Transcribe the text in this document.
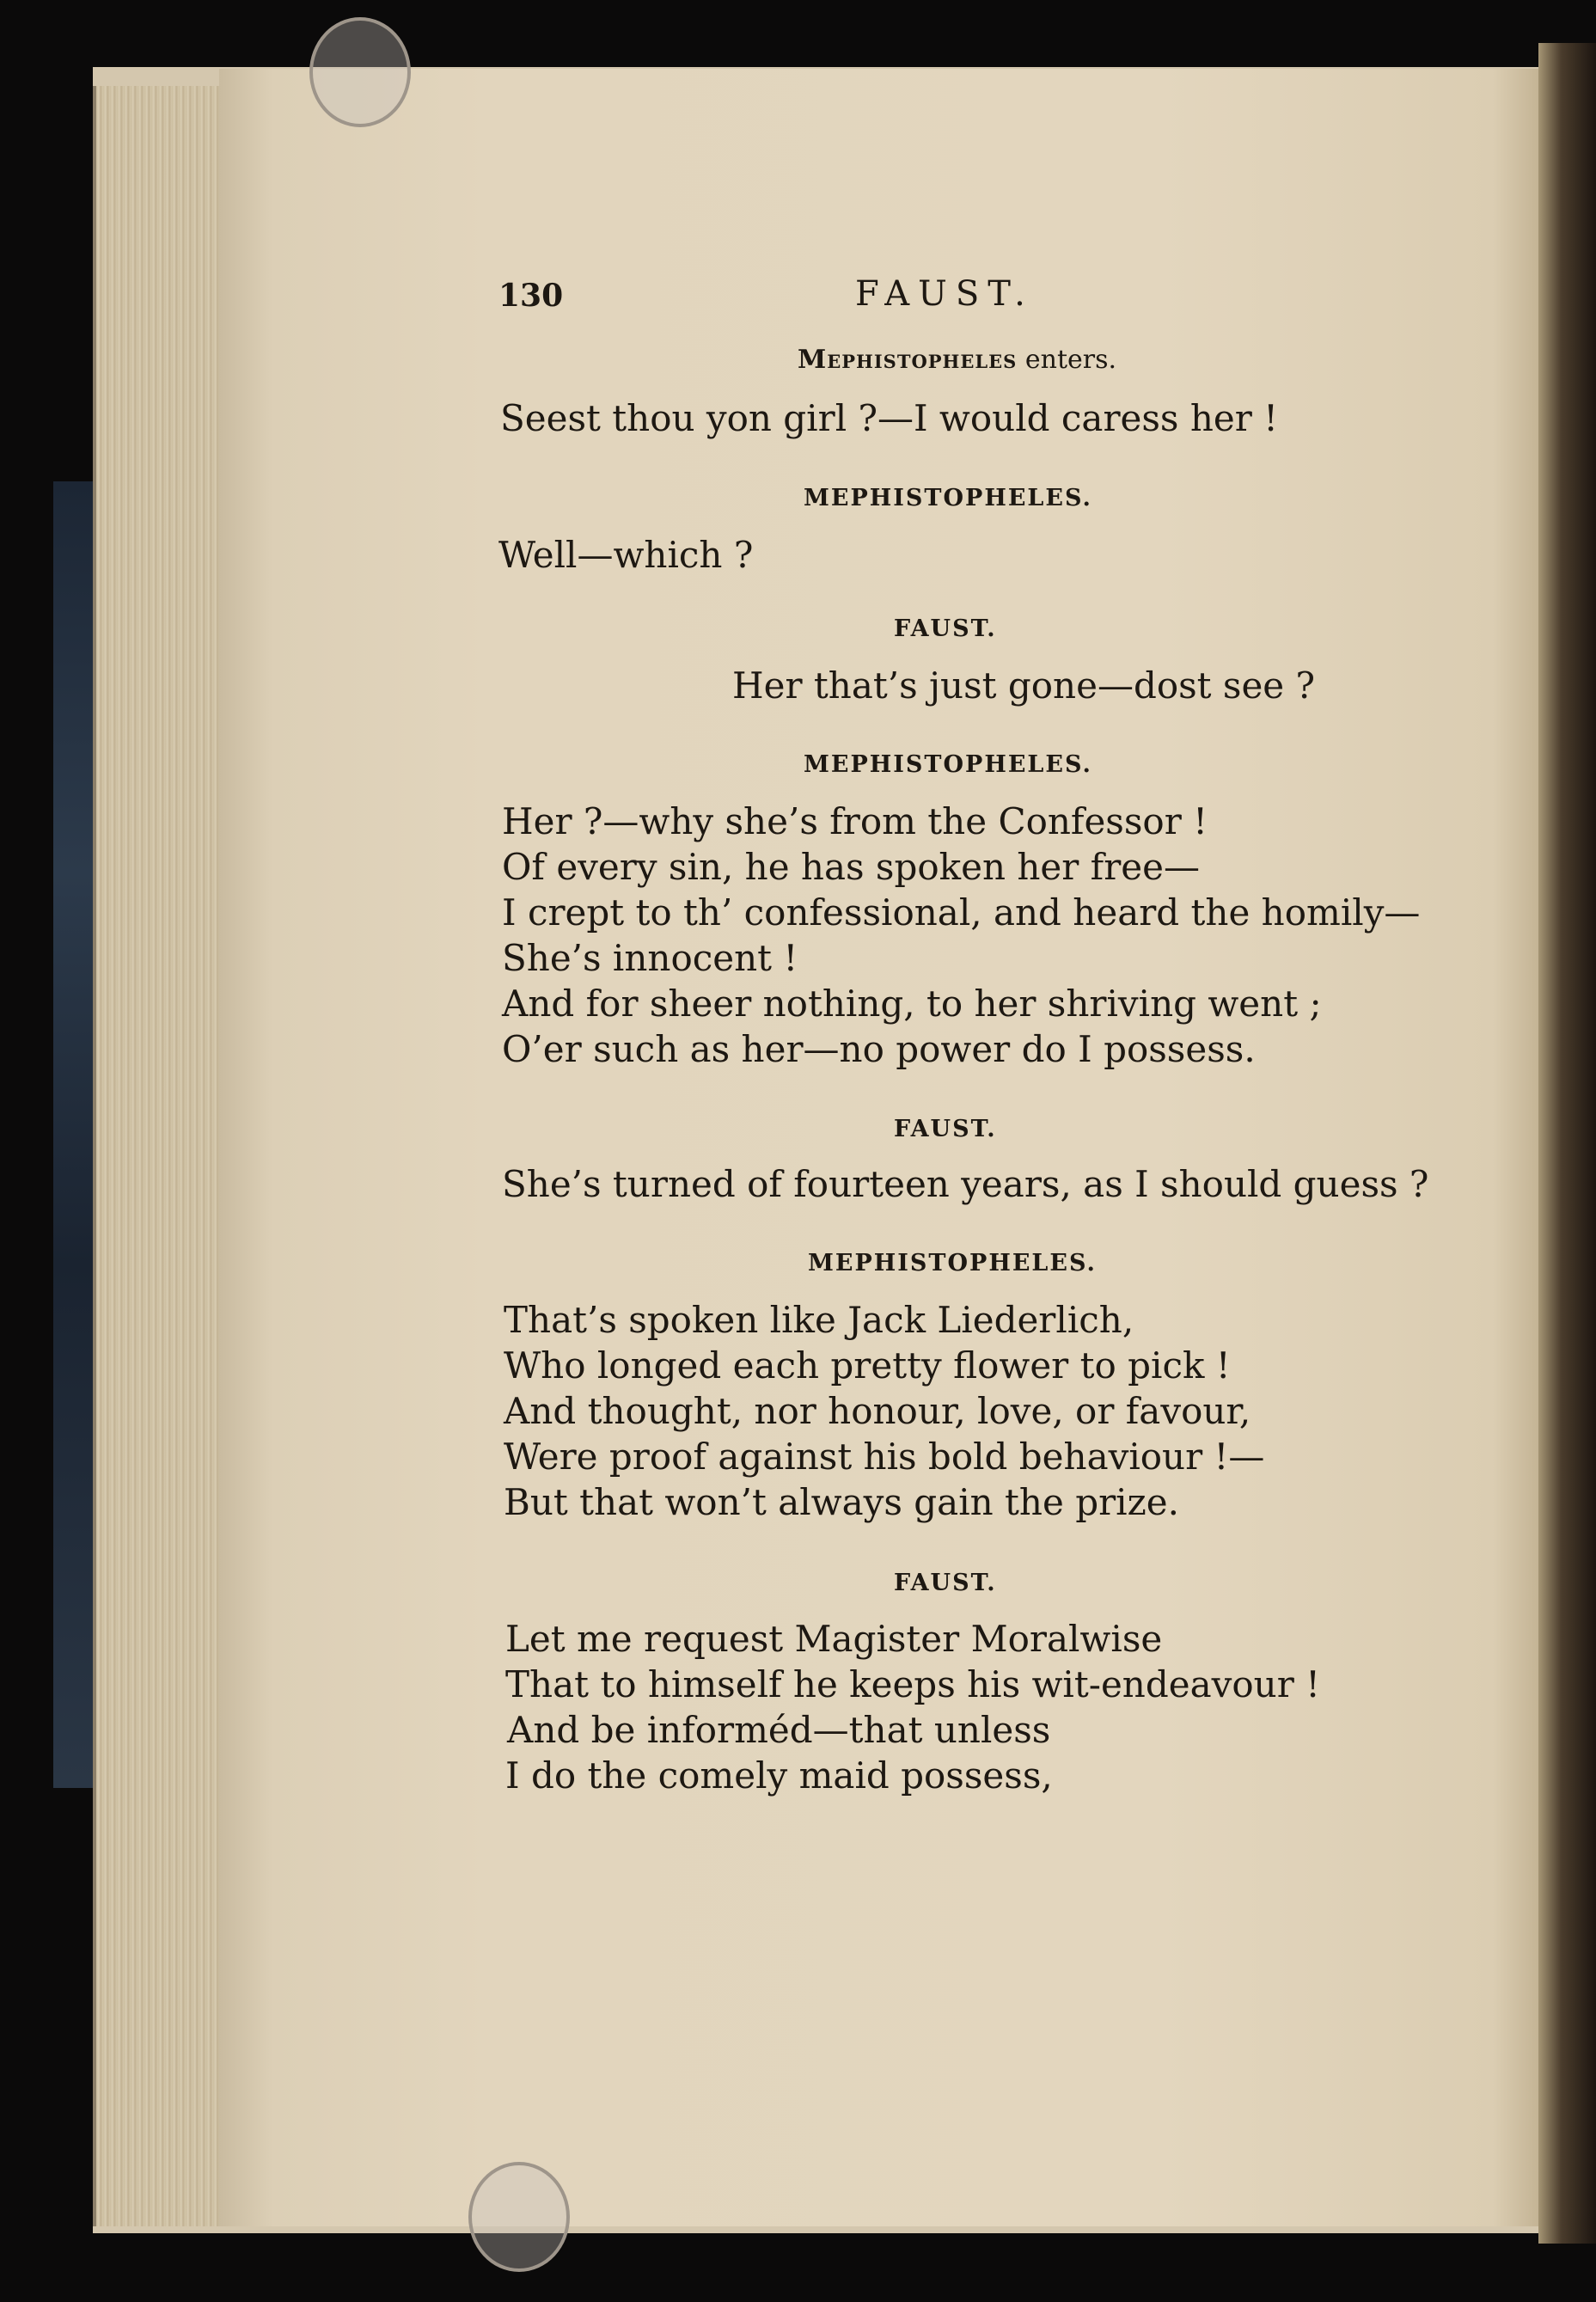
130	FAUST.
Mephistopheles enters.
Seest thou yon girl ?—I would caress her !
MEPHISTOPHELES.
Well—which ?
FAUST.
Her that’s just gone—dost see ?
MEPHISTOPHELES.
Her ?—why she’s from the Confessor !
Of every sin, he has spoken her free—
I crept to th’ confessional, and heard the homily—
She’s innocent !
And for sheer nothing, to her shriving went ;
O’er such as her—no power do I possess.
FAUST.
She’s turned of fourteen years, as I should guess ?
MEPHISTOPHELES.
That’s spoken like Jack Liederlich,
Who longed each pretty flower to pick !
And thought, nor honour, love, or favour,
Were proof against his bold behaviour !—
But that won’t always gain the prize.
FAUST.
Let me request Magister Moralwise
That to himself he keeps his wit-endeavour !
And be informéd—that unless
I do the comely maid possess,
